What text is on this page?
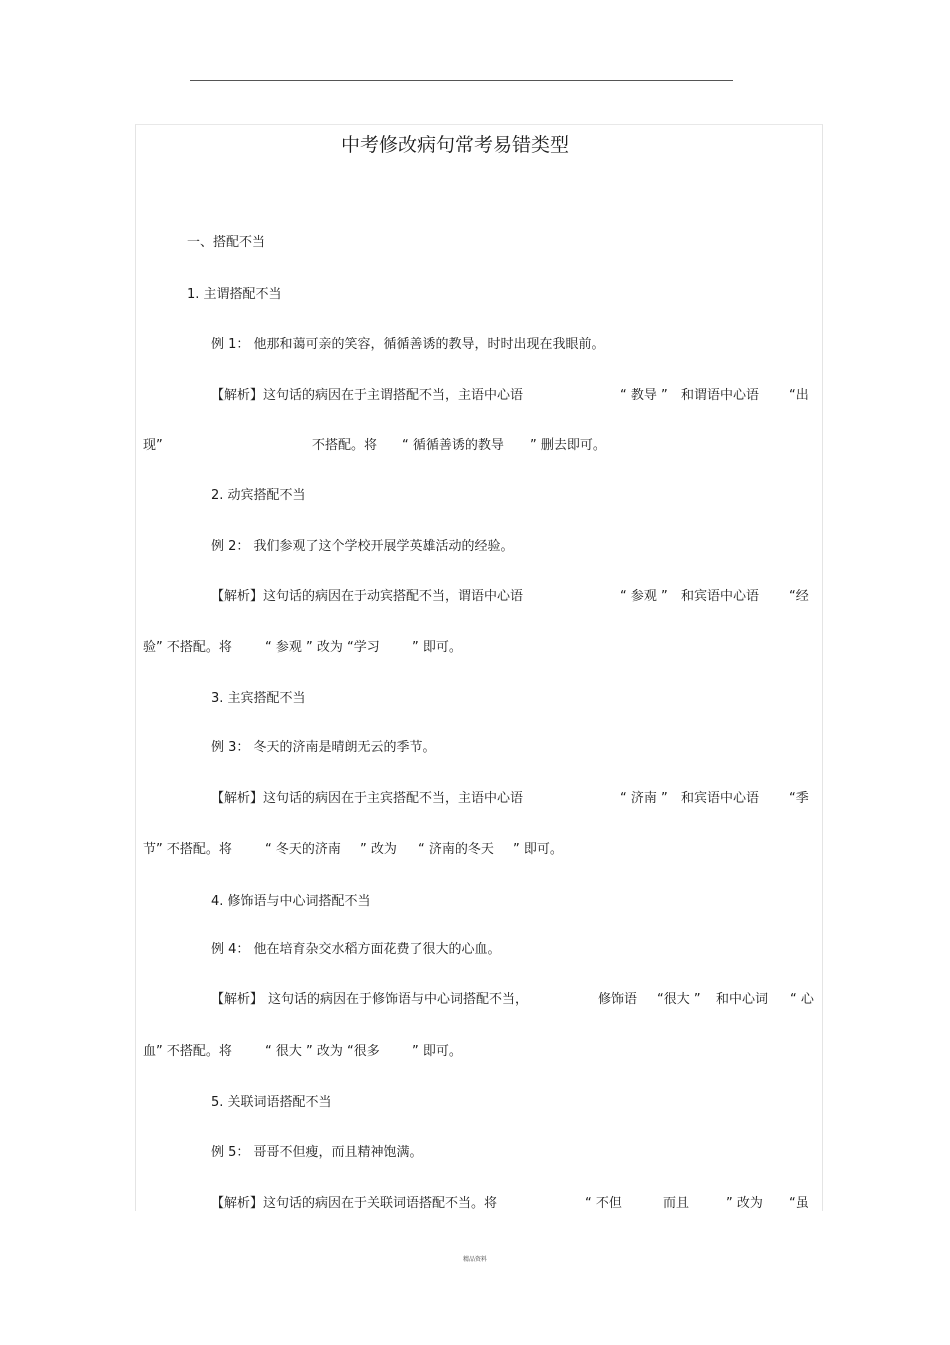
中考修改病句常考易错类型
一、搭配不当
1. 主谓搭配不当
例 1： 他那和蔼可亲的笑容，循循善诱的教导，时时出现在我眼前。
【解析】这句话的病因在于主谓搭配不当，主语中心语	“ 教导 ” 和谓语中心语 “出
现”	不搭配。将 “ 循循善诱的教导 ” 删去即可。
2. 动宾搭配不当
例 2： 我们参观了这个学校开展学英雄活动的经验。
【解析】这句话的病因在于动宾搭配不当，谓语中心语	“ 参观 ” 和宾语中心语 “经
验” 不搭配。将	“ 参观 ” 改为 “学习 ” 即可。
3. 主宾搭配不当
例 3： 冬天的济南是晴朗无云的季节。
【解析】这句话的病因在于主宾搭配不当，主语中心语	“ 济南 ” 和宾语中心语 “季
节” 不搭配。将	“ 冬天的济南 ” 改为 “ 济南的冬天 ” 即可。
4. 修饰语与中心词搭配不当
例 4： 他在培育杂交水稻方面花费了很大的心血。
【解析】 这句话的病因在于修饰语与中心词搭配不当，	修饰语 “很大 ” 和中心词 “ 心
血” 不搭配。将	“ 很大 ” 改为 “很多 ” 即可。
5. 关联词语搭配不当
例 5： 哥哥不但瘦，而且精神饱满。
【解析】这句话的病因在于关联词语搭配不当。将	“ 不但	而且	” 改为 “虽
精品资料
